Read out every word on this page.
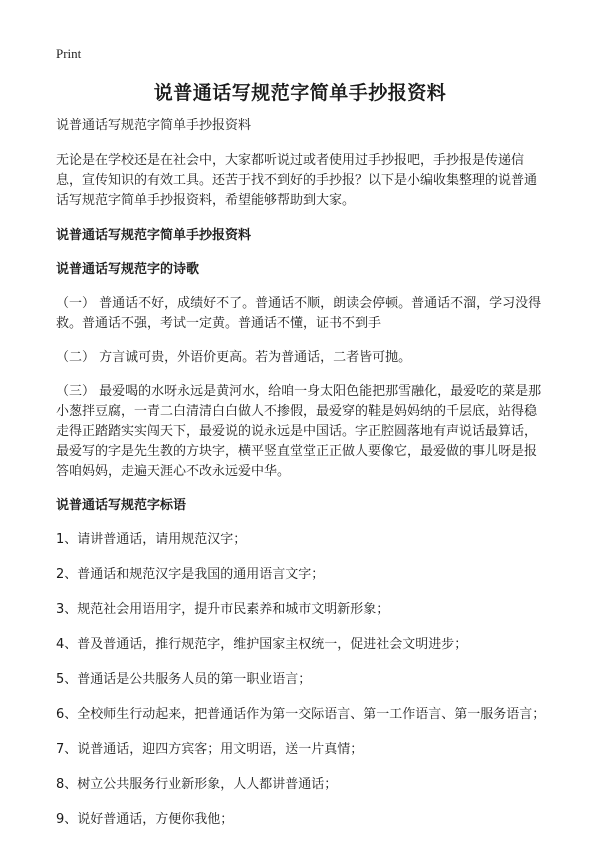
Print
说普通话写规范字简单手抄报资料

说普通话写规范字简单手抄报资料

无论是在学校还是在社会中，大家都听说过或者使用过手抄报吧，手抄报是传递信息，宣传知识的有效工具。还苦于找不到好的手抄报？以下是小编收集整理的说普通话写规范字简单手抄报资料，希望能够帮助到大家。

说普通话写规范字简单手抄报资料

说普通话写规范字的诗歌

（一） 普通话不好，成绩好不了。普通话不顺，朗读会停顿。普通话不溜，学习没得救。普通话不强，考试一定黄。普通话不懂，证书不到手

（二） 方言诚可贵，外语价更高。若为普通话，二者皆可抛。

（三） 最爱喝的水呀永远是黄河水，给咱一身太阳色能把那雪融化，最爱吃的菜是那小葱拌豆腐，一青二白清清白白做人不掺假，最爱穿的鞋是妈妈纳的千层底，站得稳走得正踏踏实实闯天下，最爱说的说永远是中国话。字正腔圆落地有声说话最算话，最爱写的字是先生教的方块字，横平竖直堂堂正正做人要像它，最爱做的事儿呀是报答咱妈妈，走遍天涯心不改永远爱中华。

说普通话写规范字标语

1、请讲普通话，请用规范汉字；
2、普通话和规范汉字是我国的通用语言文字；
3、规范社会用语用字，提升市民素养和城市文明新形象；
4、普及普通话，推行规范字，维护国家主权统一，促进社会文明进步；
5、普通话是公共服务人员的第一职业语言；
6、全校师生行动起来，把普通话作为第一交际语言、第一工作语言、第一服务语言；
7、说普通话，迎四方宾客；用文明语，送一片真情；
8、树立公共服务行业新形象，人人都讲普通话；
9、说好普通话，方便你我他；
